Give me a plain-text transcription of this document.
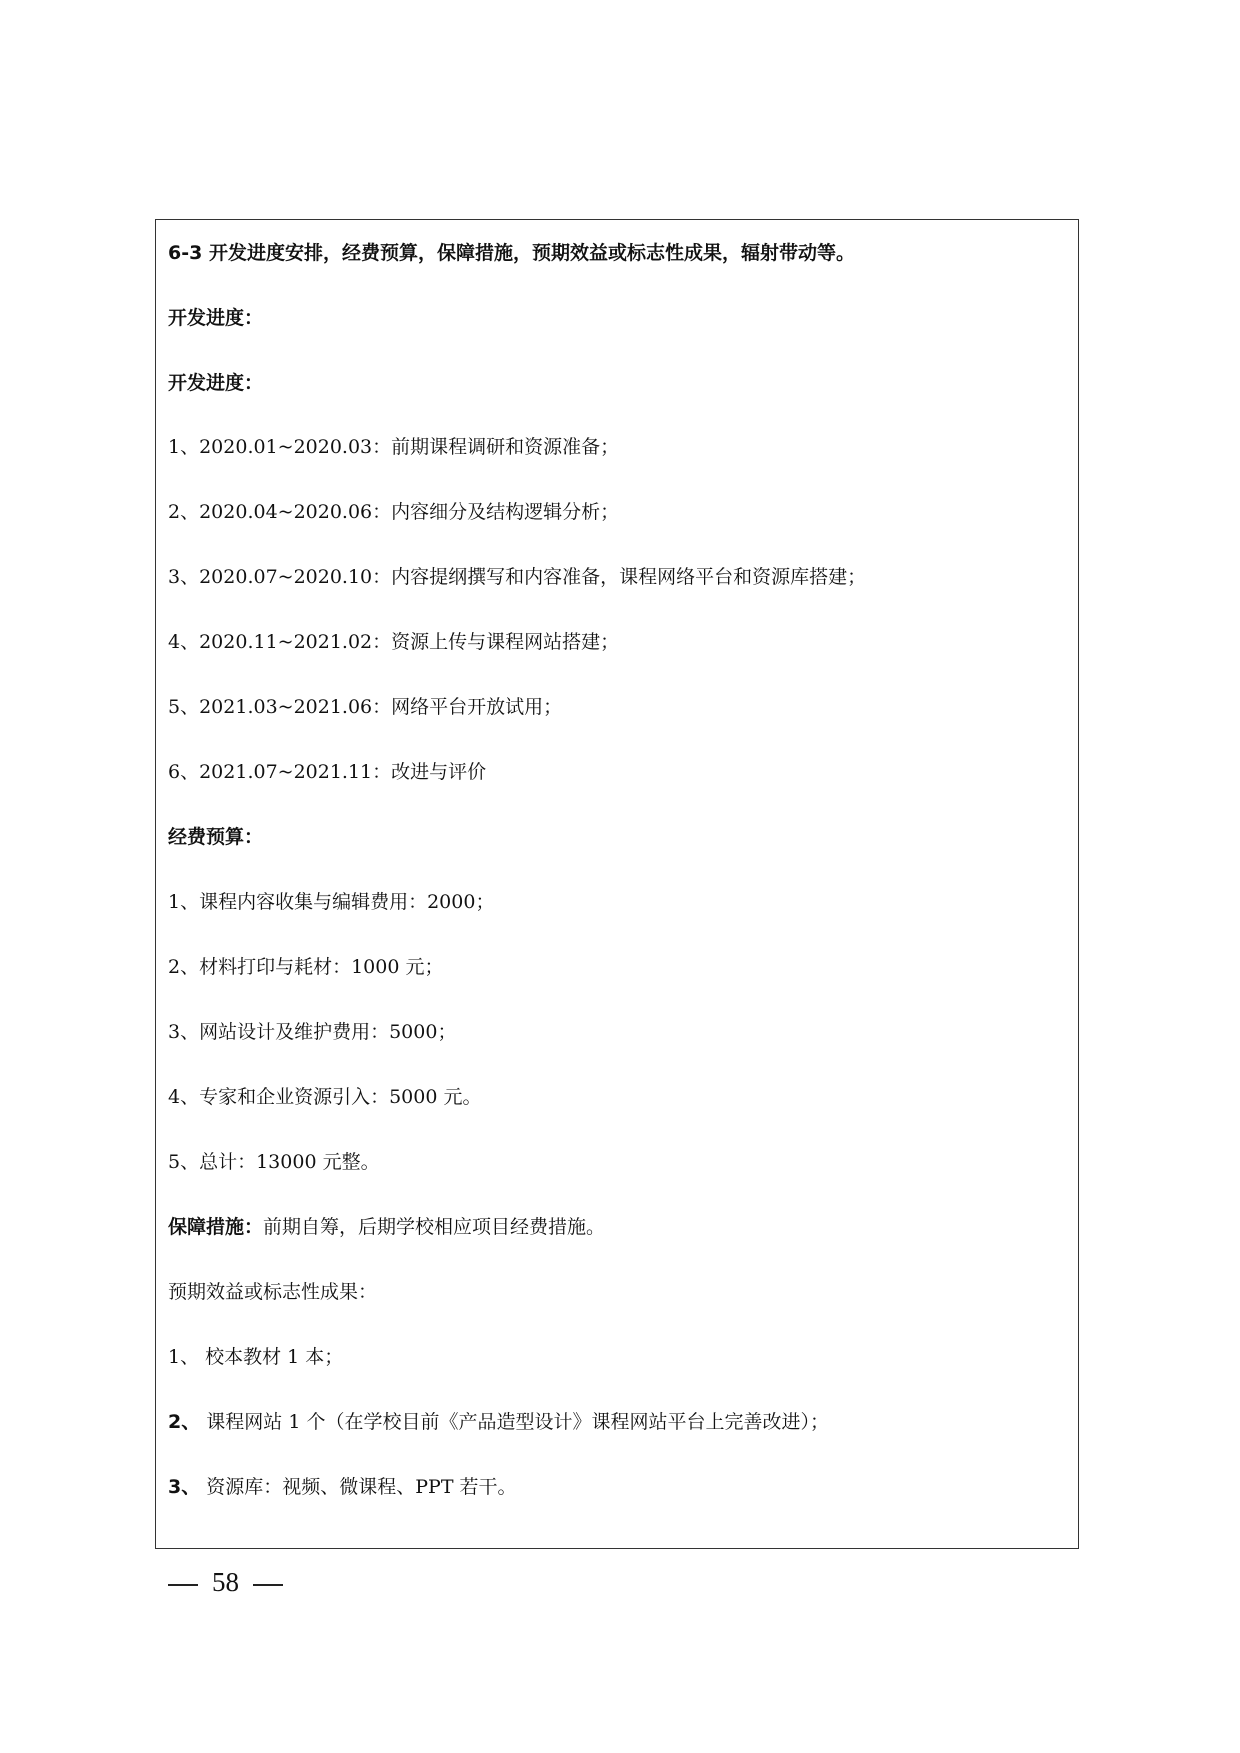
6-3 开发进度安排，经费预算，保障措施，预期效益或标志性成果，辐射带动等。
开发进度：
开发进度：
1、2020.01~2020.03：前期课程调研和资源准备；
2、2020.04~2020.06：内容细分及结构逻辑分析；
3、2020.07~2020.10：内容提纲撰写和内容准备，课程网络平台和资源库搭建；
4、2020.11~2021.02：资源上传与课程网站搭建；
5、2021.03~2021.06：网络平台开放试用；
6、2021.07~2021.11：改进与评价
经费预算：
1、课程内容收集与编辑费用：2000；
2、材料打印与耗材：1000 元；
3、网站设计及维护费用：5000；
4、专家和企业资源引入：5000 元。
5、总计：13000 元整。
保障措施：前期自筹，后期学校相应项目经费措施。
预期效益或标志性成果：
1、 校本教材 1 本；
2、 课程网站 1 个（在学校目前《产品造型设计》课程网站平台上完善改进）；
3、 资源库：视频、微课程、PPT 若干。
58
